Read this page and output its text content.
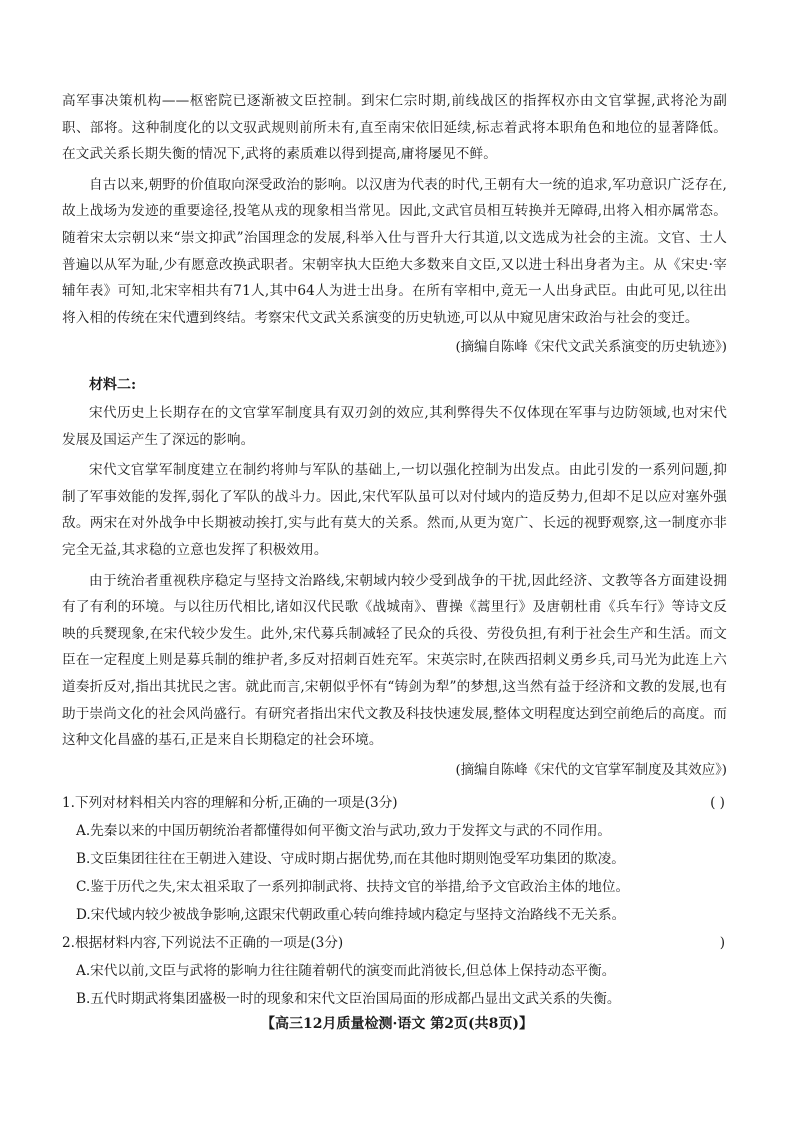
高军事决策机构——枢密院已逐渐被文臣控制。到宋仁宗时期,前线战区的指挥权亦由文官掌握,武将沦为副职、部将。这种制度化的以文驭武规则前所未有,直至南宋依旧延续,标志着武将本职角色和地位的显著降低。在文武关系长期失衡的情况下,武将的素质难以得到提高,庸将屡见不鲜。

自古以来,朝野的价值取向深受政治的影响。以汉唐为代表的时代,王朝有大一统的追求,军功意识广泛存在,故上战场为发迹的重要途径,投笔从戎的现象相当常见。因此,文武官员相互转换并无障碍,出将入相亦属常态。随着宋太宗朝以来“崇文抑武”治国理念的发展,科举入仕与晋升大行其道,以文选成为社会的主流。文官、士人普遍以从军为耻,少有愿意改换武职者。宋朝宰执大臣绝大多数来自文臣,又以进士科出身者为主。从《宋史·宰辅年表》可知,北宋宰相共有71人,其中64人为进士出身。在所有宰相中,竟无一人出身武臣。由此可见,以往出将入相的传统在宋代遭到终结。考察宋代文武关系演变的历史轨迹,可以从中窥见唐宋政治与社会的变迁。

(摘编自陈峰《宋代文武关系演变的历史轨迹》)

材料二:

宋代历史上长期存在的文官掌军制度具有双刃剑的效应,其利弊得失不仅体现在军事与边防领域,也对宋代发展及国运产生了深远的影响。

宋代文官掌军制度建立在制约将帅与军队的基础上,一切以强化控制为出发点。由此引发的一系列问题,抑制了军事效能的发挥,弱化了军队的战斗力。因此,宋代军队虽可以对付域内的造反势力,但却不足以应对塞外强敌。两宋在对外战争中长期被动挨打,实与此有莫大的关系。然而,从更为宽广、长远的视野观察,这一制度亦非完全无益,其求稳的立意也发挥了积极效用。

由于统治者重视秩序稳定与坚持文治路线,宋朝域内较少受到战争的干扰,因此经济、文教等各方面建设拥有了有利的环境。与以往历代相比,诸如汉代民歌《战城南》、曹操《蒿里行》及唐朝杜甫《兵车行》等诗文反映的兵燹现象,在宋代较少发生。此外,宋代募兵制减轻了民众的兵役、劳役负担,有利于社会生产和生活。而文臣在一定程度上则是募兵制的维护者,多反对招刺百姓充军。宋英宗时,在陕西招刺义勇乡兵,司马光为此连上六道奏折反对,指出其扰民之害。就此而言,宋朝似乎怀有“铸剑为犁”的梦想,这当然有益于经济和文教的发展,也有助于崇尚文化的社会风尚盛行。有研究者指出宋代文教及科技快速发展,整体文明程度达到空前绝后的高度。而这种文化昌盛的基石,正是来自长期稳定的社会环境。

(摘编自陈峰《宋代的文官掌军制度及其效应》)

1.下列对材料相关内容的理解和分析,正确的一项是(3分)	( )

A.先秦以来的中国历朝统治者都懂得如何平衡文治与武功,致力于发挥文与武的不同作用。

B.文臣集团往往在王朝进入建设、守成时期占据优势,而在其他时期则饱受军功集团的欺凌。

C.鉴于历代之失,宋太祖采取了一系列抑制武将、扶持文官的举措,给予文官政治主体的地位。

D.宋代域内较少被战争影响,这跟宋代朝政重心转向维持域内稳定与坚持文治路线不无关系。

2.根据材料内容,下列说法不正确的一项是(3分)	)

A.宋代以前,文臣与武将的影响力往往随着朝代的演变而此消彼长,但总体上保持动态平衡。

B.五代时期武将集团盛极一时的现象和宋代文臣治国局面的形成都凸显出文武关系的失衡。

【高三12月质量检测·语文 第2页(共8页)】
